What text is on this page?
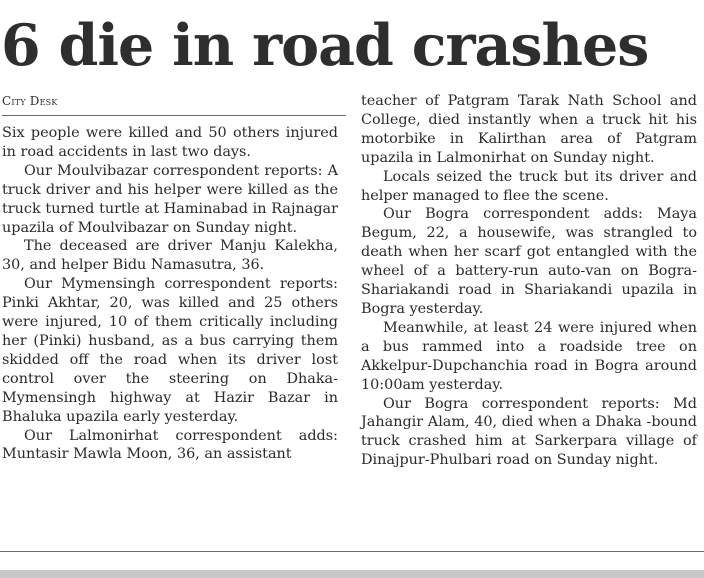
6 die in road crashes
City Desk

Six people were killed and 50 others injured in road accidents in last two days.

Our Moulvibazar correspondent reports: A truck driver and his helper were killed as the truck turned turtle at Haminabad in Rajnagar upazila of Moulvibazar on Sunday night.

The deceased are driver Manju Kalekha, 30, and helper Bidu Namasutra, 36.

Our Mymensingh correspondent reports: Pinki Akhtar, 20, was killed and 25 others were injured, 10 of them critically including her (Pinki) husband, as a bus carrying them skidded off the road when its driver lost control over the steering on Dhaka-Mymensingh highway at Hazir Bazar in Bhaluka upazila early yesterday.

Our Lalmonirhat correspondent adds: Muntasir Mawla Moon, 36, an assistant

teacher of Patgram Tarak Nath School and College, died instantly when a truck hit his motorbike in Kalirthan area of Patgram upazila in Lalmonirhat on Sunday night.

Locals seized the truck but its driver and helper managed to flee the scene.

Our Bogra correspondent adds: Maya Begum, 22, a housewife, was strangled to death when her scarf got entangled with the wheel of a battery-run auto-van on Bogra-Shariakandi road in Shariakandi upazila in Bogra yesterday.

Meanwhile, at least 24 were injured when a bus rammed into a roadside tree on Akkelpur-Dupchanchia road in Bogra around 10:00am yesterday.

Our Bogra correspondent reports: Md Jahangir Alam, 40, died when a Dhaka -bound truck crashed him at Sarkerpara village of Dinajpur-Phulbari road on Sunday night.
